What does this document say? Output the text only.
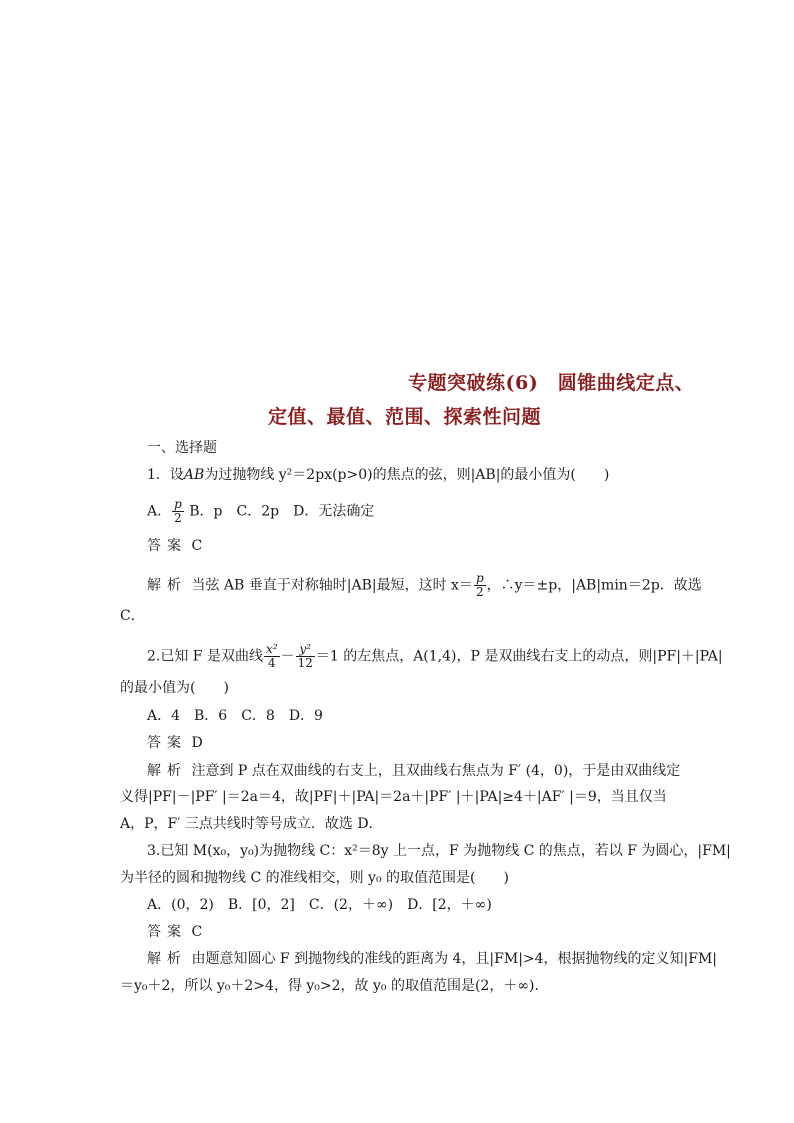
专题突破练(6)　圆锥曲线定点、
定值、最值、范围、探索性问题
一、选择题
1．设AB为过抛物线 y²＝2px(p>0)的焦点的弦，则|AB|的最小值为(　　)
A． $\frac{p}{2}$ B．p　C．2p　D．无法确定
答案 C
解析 当弦 AB 垂直于对称轴时|AB|最短，这时 $x= \frac{p}{2}$ ，∴y＝±p，|AB|min＝2p．故选
C．
2.已知 F 是双曲线 $\frac{\text{x²}}{4} - \frac{\text{y²}}{12} =1$ 的左焦点，A(1,4)，P 是双曲线右支上的动点，则|PF|＋|PA|
的最小值为(　　)
A．4　B．6　C．8　D．9
答案 D
解析 注意到 P 点在双曲线的右支上，且双曲线右焦点为 F′ (4，0)，于是由双曲线定
义得|PF|－|PF′ |＝2a＝4，故|PF|＋|PA|＝2a＋|PF′ |＋|PA|≥4＋|AF′ |＝9，当且仅当
A，P，F′ 三点共线时等号成立．故选 D．
3.已知 M(x₀，y₀)为抛物线 C：x²＝8y 上一点，F 为抛物线 C 的焦点，若以 F 为圆心，|FM|
为半径的圆和抛物线 C 的准线相交，则 y₀ 的取值范围是(　　)
A．(0，2)　B．[0，2]　C．(2，＋∞)　D．[2，＋∞)
答案 C
解析 由题意知圆心 F 到抛物线的准线的距离为 4，且|FM|>4，根据抛物线的定义知|FM|
＝y₀＋2，所以 y₀＋2>4，得 y₀>2，故 y₀ 的取值范围是(2，＋∞)．
